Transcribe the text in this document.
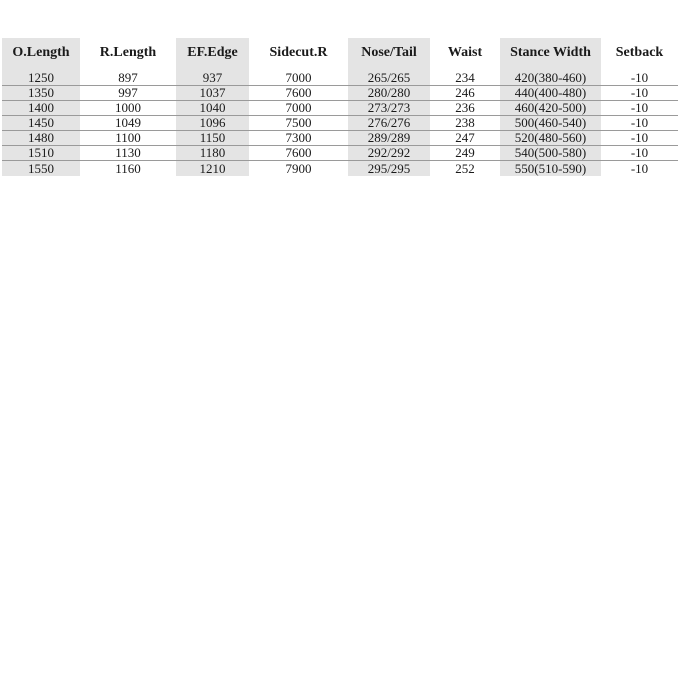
O.Length	R.Length	EF.Edge	Sidecut.R	Nose/Tail	Waist	Stance Width	Setback
1250	897	937	7000	265/265	234	420(380-460)	-10
1350	997	1037	7600	280/280	246	440(400-480)	-10
1400	1000	1040	7000	273/273	236	460(420-500)	-10
1450	1049	1096	7500	276/276	238	500(460-540)	-10
1480	1100	1150	7300	289/289	247	520(480-560)	-10
1510	1130	1180	7600	292/292	249	540(500-580)	-10
1550	1160	1210	7900	295/295	252	550(510-590)	-10
